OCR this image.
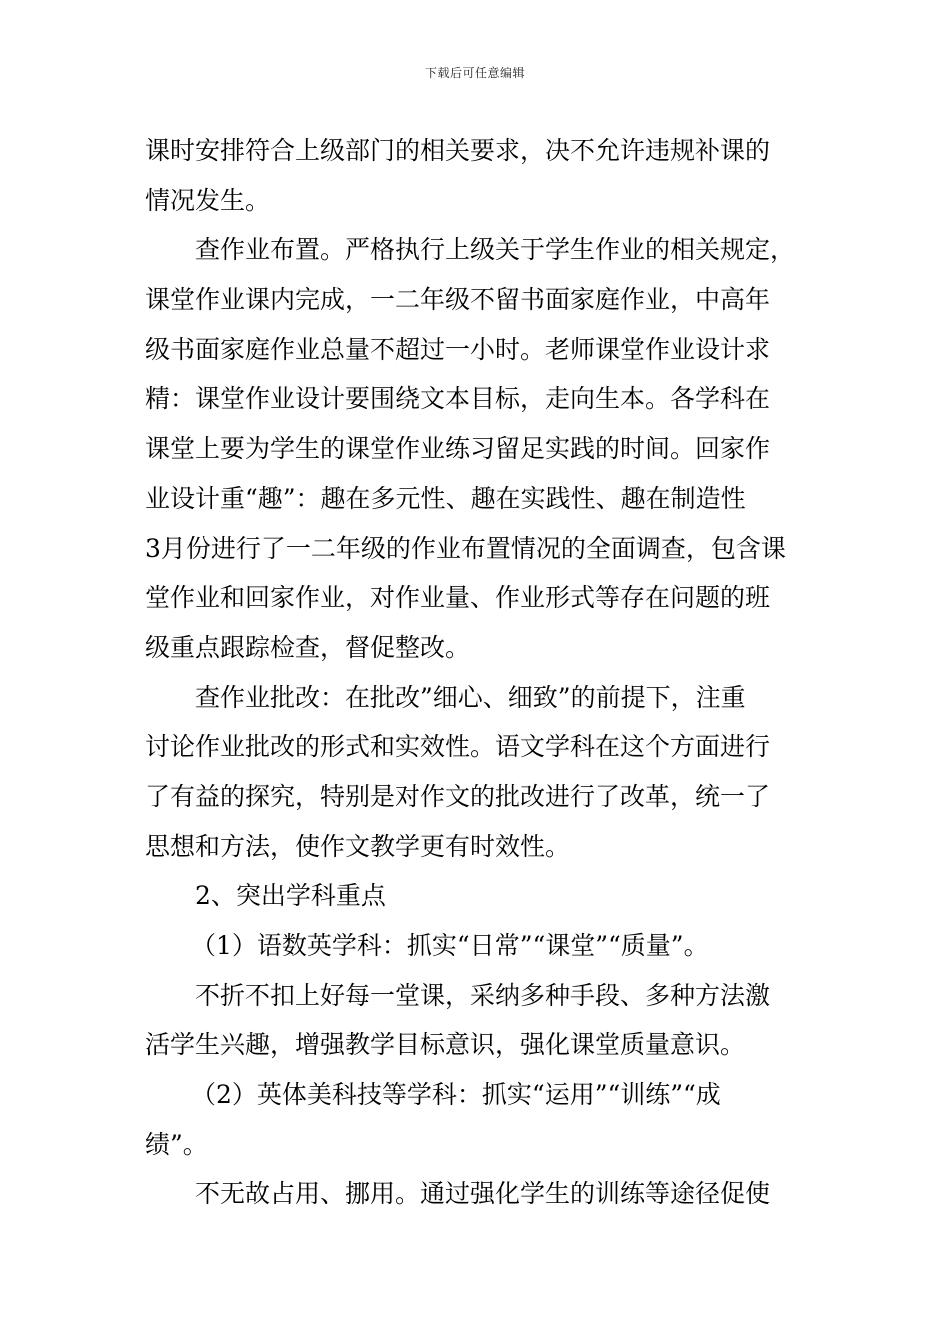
下载后可任意编辑
课时安排符合上级部门的相关要求，决不允许违规补课的
情况发生。
查作业布置。严格执行上级关于学生作业的相关规定，
课堂作业课内完成，一二年级不留书面家庭作业，中高年
级书面家庭作业总量不超过一小时。老师课堂作业设计求
精：课堂作业设计要围绕文本目标，走向生本。各学科在
课堂上要为学生的课堂作业练习留足实践的时间。回家作
业设计重“趣”：趣在多元性、趣在实践性、趣在制造性
3月份进行了一二年级的作业布置情况的全面调查，包含课
堂作业和回家作业，对作业量、作业形式等存在问题的班
级重点跟踪检查，督促整改。
查作业批改：在批改”细心、细致”的前提下，注重
讨论作业批改的形式和实效性。语文学科在这个方面进行
了有益的探究，特别是对作文的批改进行了改革，统一了
思想和方法，使作文教学更有时效性。
2、突出学科重点
（1）语数英学科：抓实“日常”“课堂”“质量”。
不折不扣上好每一堂课，采纳多种手段、多种方法激
活学生兴趣，增强教学目标意识，强化课堂质量意识。
（2）英体美科技等学科：抓实“运用”“训练”“成
绩”。
不无故占用、挪用。通过强化学生的训练等途径促使
